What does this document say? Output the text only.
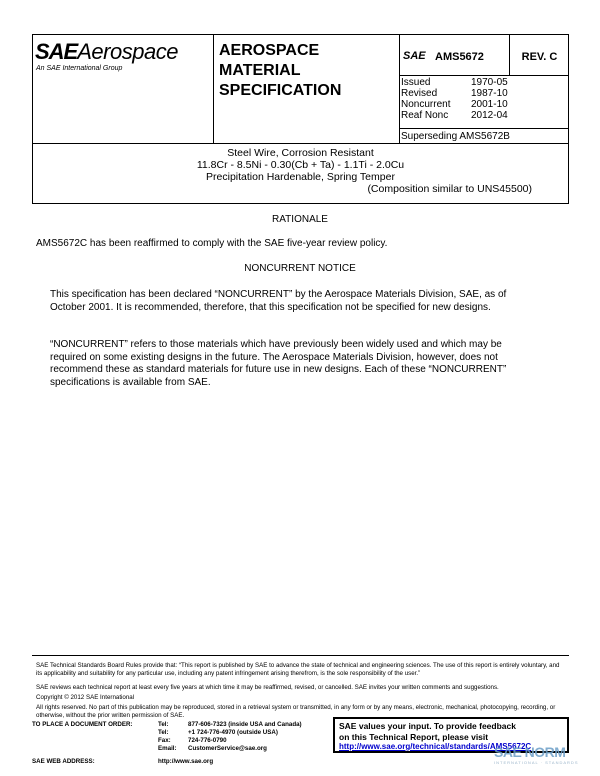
SAEAerospace
An SAE International Group
AEROSPACE
MATERIAL
SPECIFICATION
SAE AMS5672	REV. C
Issued	1970-05
Revised	1987-10
Noncurrent	2001-10
Reaf Nonc	2012-04
Superseding AMS5672B
Steel Wire, Corrosion Resistant
11.8Cr - 8.5Ni - 0.30(Cb + Ta) - 1.1Ti - 2.0Cu
Precipitation Hardenable, Spring Temper
(Composition similar to UNS45500)
RATIONALE
AMS5672C has been reaffirmed to comply with the SAE five-year review policy.
NONCURRENT NOTICE
This specification has been declared “NONCURRENT” by the Aerospace Materials Division, SAE, as of October 2001. It is recommended, therefore, that this specification not be specified for new designs.
“NONCURRENT” refers to those materials which have previously been widely used and which may be required on some existing designs in the future. The Aerospace Materials Division, however, does not recommend these as standard materials for future use in new designs. Each of these “NONCURRENT” specifications is available from SAE.
SAE Technical Standards Board Rules provide that: “This report is published by SAE to advance the state of technical and engineering sciences. The use of this report is entirely voluntary, and its applicability and suitability for any particular use, including any patent infringement arising therefrom, is the sole responsibility of the user.”
SAE reviews each technical report at least every five years at which time it may be reaffirmed, revised, or cancelled. SAE invites your written comments and suggestions.
Copyright © 2012 SAE International
All rights reserved. No part of this publication may be reproduced, stored in a retrieval system or transmitted, in any form or by any means, electronic, mechanical, photocopying, recording, or otherwise, without the prior written permission of SAE.
TO PLACE A DOCUMENT ORDER:	Tel:	877-606-7323 (inside USA and Canada)
Tel:	+1 724-776-4970 (outside USA)
Fax:	724-776-0790
Email:	CustomerService@sae.org
SAE WEB ADDRESS:	http://www.sae.org
SAE values your input. To provide feedback
on this Technical Report, please visit
http://www.sae.org/technical/standards/AMS5672C
SAE NORM
INTERNATIONAL · STANDARDS
